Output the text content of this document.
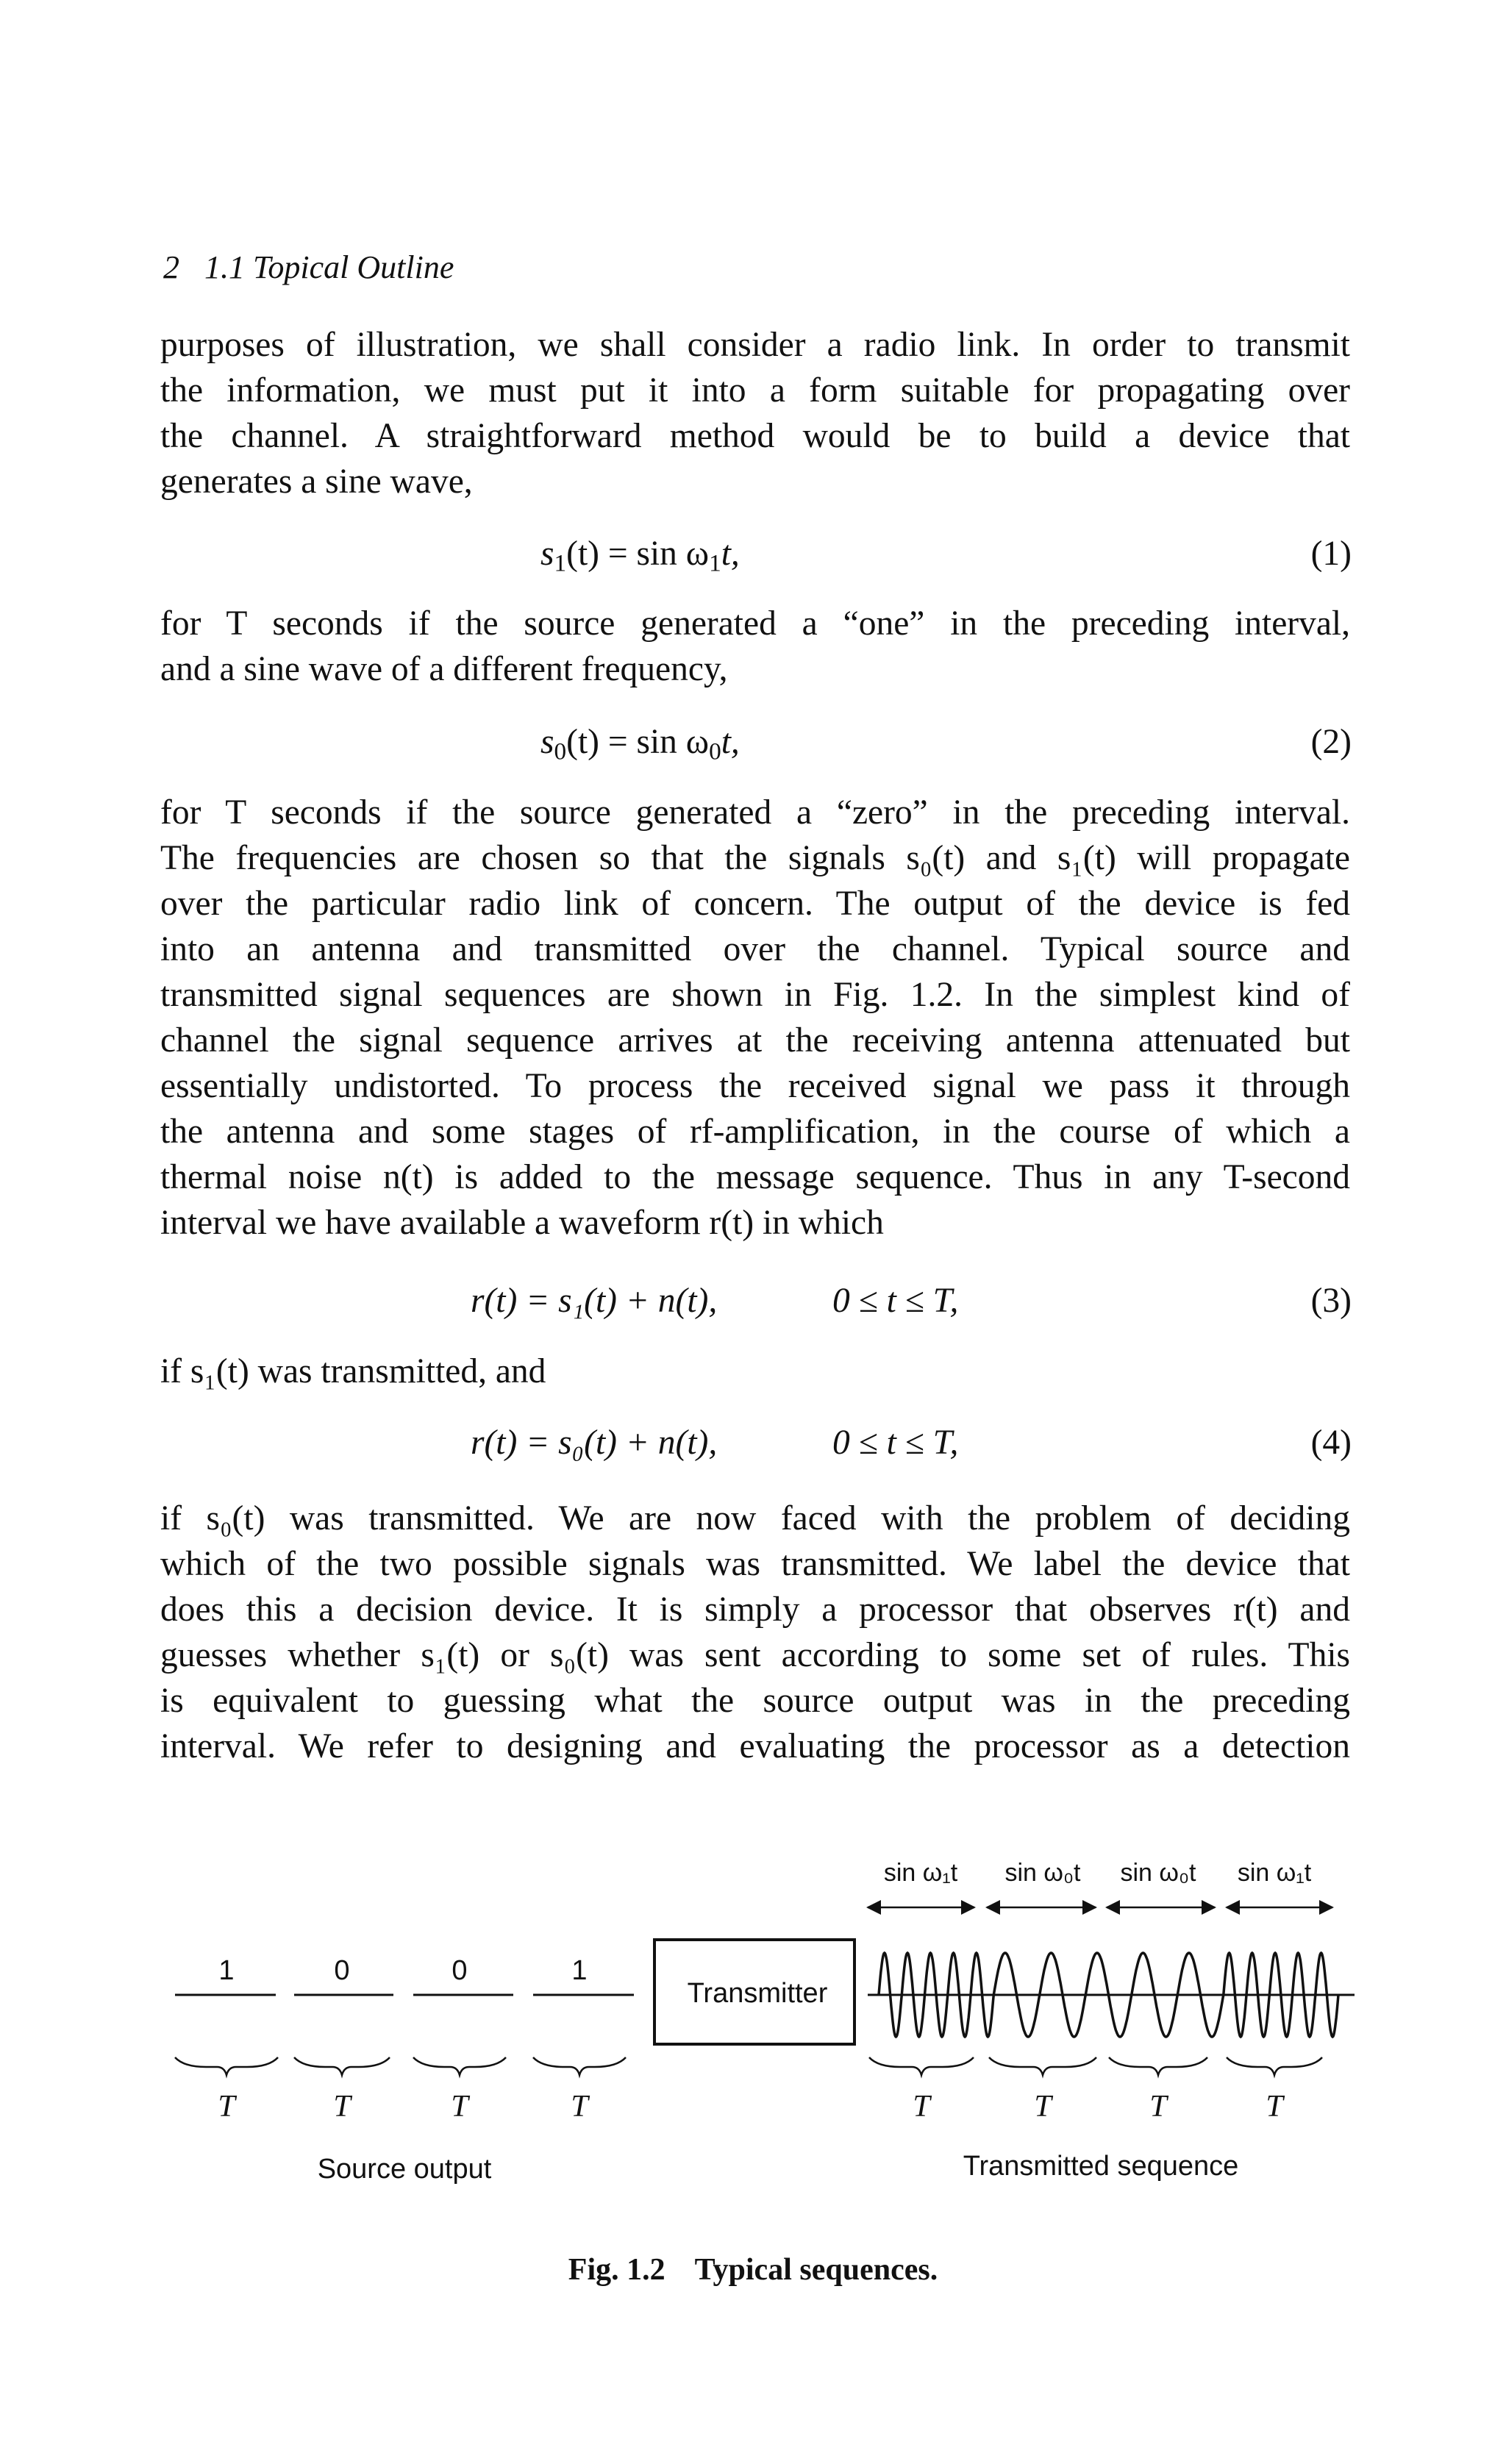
2 1.1 Topical Outline
purposes of illustration, we shall consider a radio link. In order to transmit
the information, we must put it into a form suitable for propagating over
the channel. A straightforward method would be to build a device that
generates a sine wave,
$s_1(t) = \sin \omega_1t$,	(1)
for T seconds if the source generated a “one” in the preceding interval,
and a sine wave of a different frequency,
$s_0(t) = \sin \omega_0t$,	(2)
for T seconds if the source generated a “zero” in the preceding interval.
The frequencies are chosen so that the signals s₀(t) and s₁(t) will propagate
over the particular radio link of concern. The output of the device is fed
into an antenna and transmitted over the channel. Typical source and
transmitted signal sequences are shown in Fig. 1.2. In the simplest kind of
channel the signal sequence arrives at the receiving antenna attenuated but
essentially undistorted. To process the received signal we pass it through
the antenna and some stages of rf-amplification, in the course of which a
thermal noise n(t) is added to the message sequence. Thus in any T-second
interval we have available a waveform r(t) in which
r(t) = s₁(t) + n(t),	0 ≤ t ≤ T,	(3)
if s₁(t) was transmitted, and
r(t) = s₀(t) + n(t),	0 ≤ t ≤ T,	(4)
if s₀(t) was transmitted. We are now faced with the problem of deciding
which of the two possible signals was transmitted. We label the device that
does this a decision device. It is simply a processor that observes r(t) and
guesses whether s₁(t) or s₀(t) was sent according to some set of rules. This
is equivalent to guessing what the source output was in the preceding
interval. We refer to designing and evaluating the processor as a detection
1	0	0	1
T	T	T	T
Source output
Transmitter
sin ω₁t sin ω₀t sin ω₀t sin ω₁t
T	T	T	T
Transmitted sequence
Fig. 1.2 Typical sequences.
